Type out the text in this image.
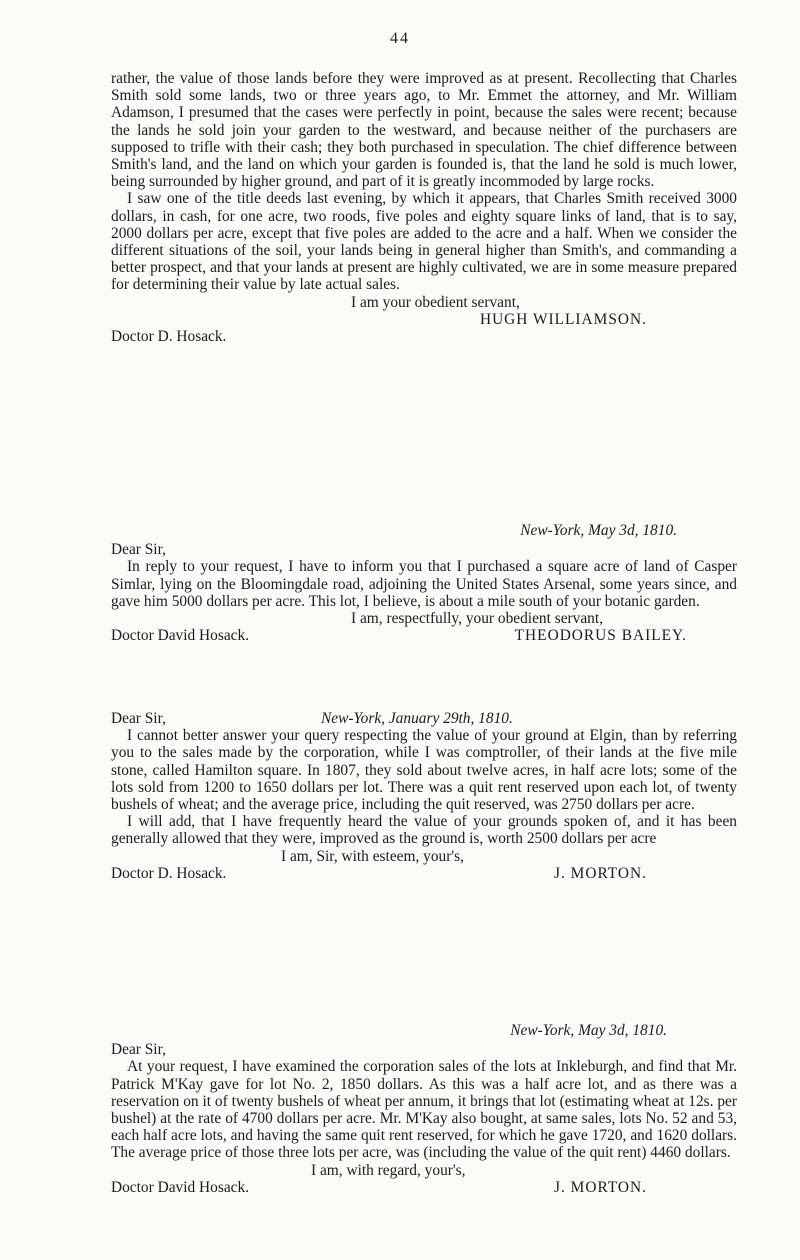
44

rather, the value of those lands before they were improved as at present. Recollecting that Charles Smith sold some lands, two or three years ago, to Mr. Emmet the attorney, and Mr. William Adamson, I presumed that the cases were perfectly in point, because the sales were recent; because the lands he sold join your garden to the westward, and because neither of the purchasers are supposed to trifle with their cash; they both purchased in speculation. The chief difference between Smith's land, and the land on which your garden is founded is, that the land he sold is much lower, being surrounded by higher ground, and part of it is greatly incommoded by large rocks.

I saw one of the title deeds last evening, by which it appears, that Charles Smith received 3000 dollars, in cash, for one acre, two roods, five poles and eighty square links of land, that is to say, 2000 dollars per acre, except that five poles are added to the acre and a half. When we consider the different situations of the soil, your lands being in general higher than Smith's, and commanding a better prospect, and that your lands at present are highly cultivated, we are in some measure prepared for determining their value by late actual sales.

I am your obedient servant,

HUGH WILLIAMSON.

Doctor D. Hosack.

New-York, May 3d, 1810.

Dear Sir,

In reply to your request, I have to inform you that I purchased a square acre of land of Casper Simlar, lying on the Bloomingdale road, adjoining the United States Arsenal, some years since, and gave him 5000 dollars per acre. This lot, I believe, is about a mile south of your botanic garden.

I am, respectfully, your obedient servant,

Doctor David Hosack.	THEODORUS BAILEY.
Dear Sir,	New-York, January 29th, 1810.

I cannot better answer your query respecting the value of your ground at Elgin, than by referring you to the sales made by the corporation, while I was comptroller, of their lands at the five mile stone, called Hamilton square. In 1807, they sold about twelve acres, in half acre lots; some of the lots sold from 1200 to 1650 dollars per lot. There was a quit rent reserved upon each lot, of twenty bushels of wheat; and the average price, including the quit reserved, was 2750 dollars per acre.

I will add, that I have frequently heard the value of your grounds spoken of, and it has been generally allowed that they were, improved as the ground is, worth 2500 dollars per acre

I am, Sir, with esteem, your's,

Doctor D. Hosack.	J. MORTON.

New-York, May 3d, 1810.

Dear Sir,

At your request, I have examined the corporation sales of the lots at Inkleburgh, and find that Mr. Patrick M'Kay gave for lot No. 2, 1850 dollars. As this was a half acre lot, and as there was a reservation on it of twenty bushels of wheat per annum, it brings that lot (estimating wheat at 12s. per bushel) at the rate of 4700 dollars per acre. Mr. M'Kay also bought, at same sales, lots No. 52 and 53, each half acre lots, and having the same quit rent reserved, for which he gave 1720, and 1620 dollars. The average price of those three lots per acre, was (including the value of the quit rent) 4460 dollars.

I am, with regard, your's,

Doctor David Hosack.	J. MORTON.
